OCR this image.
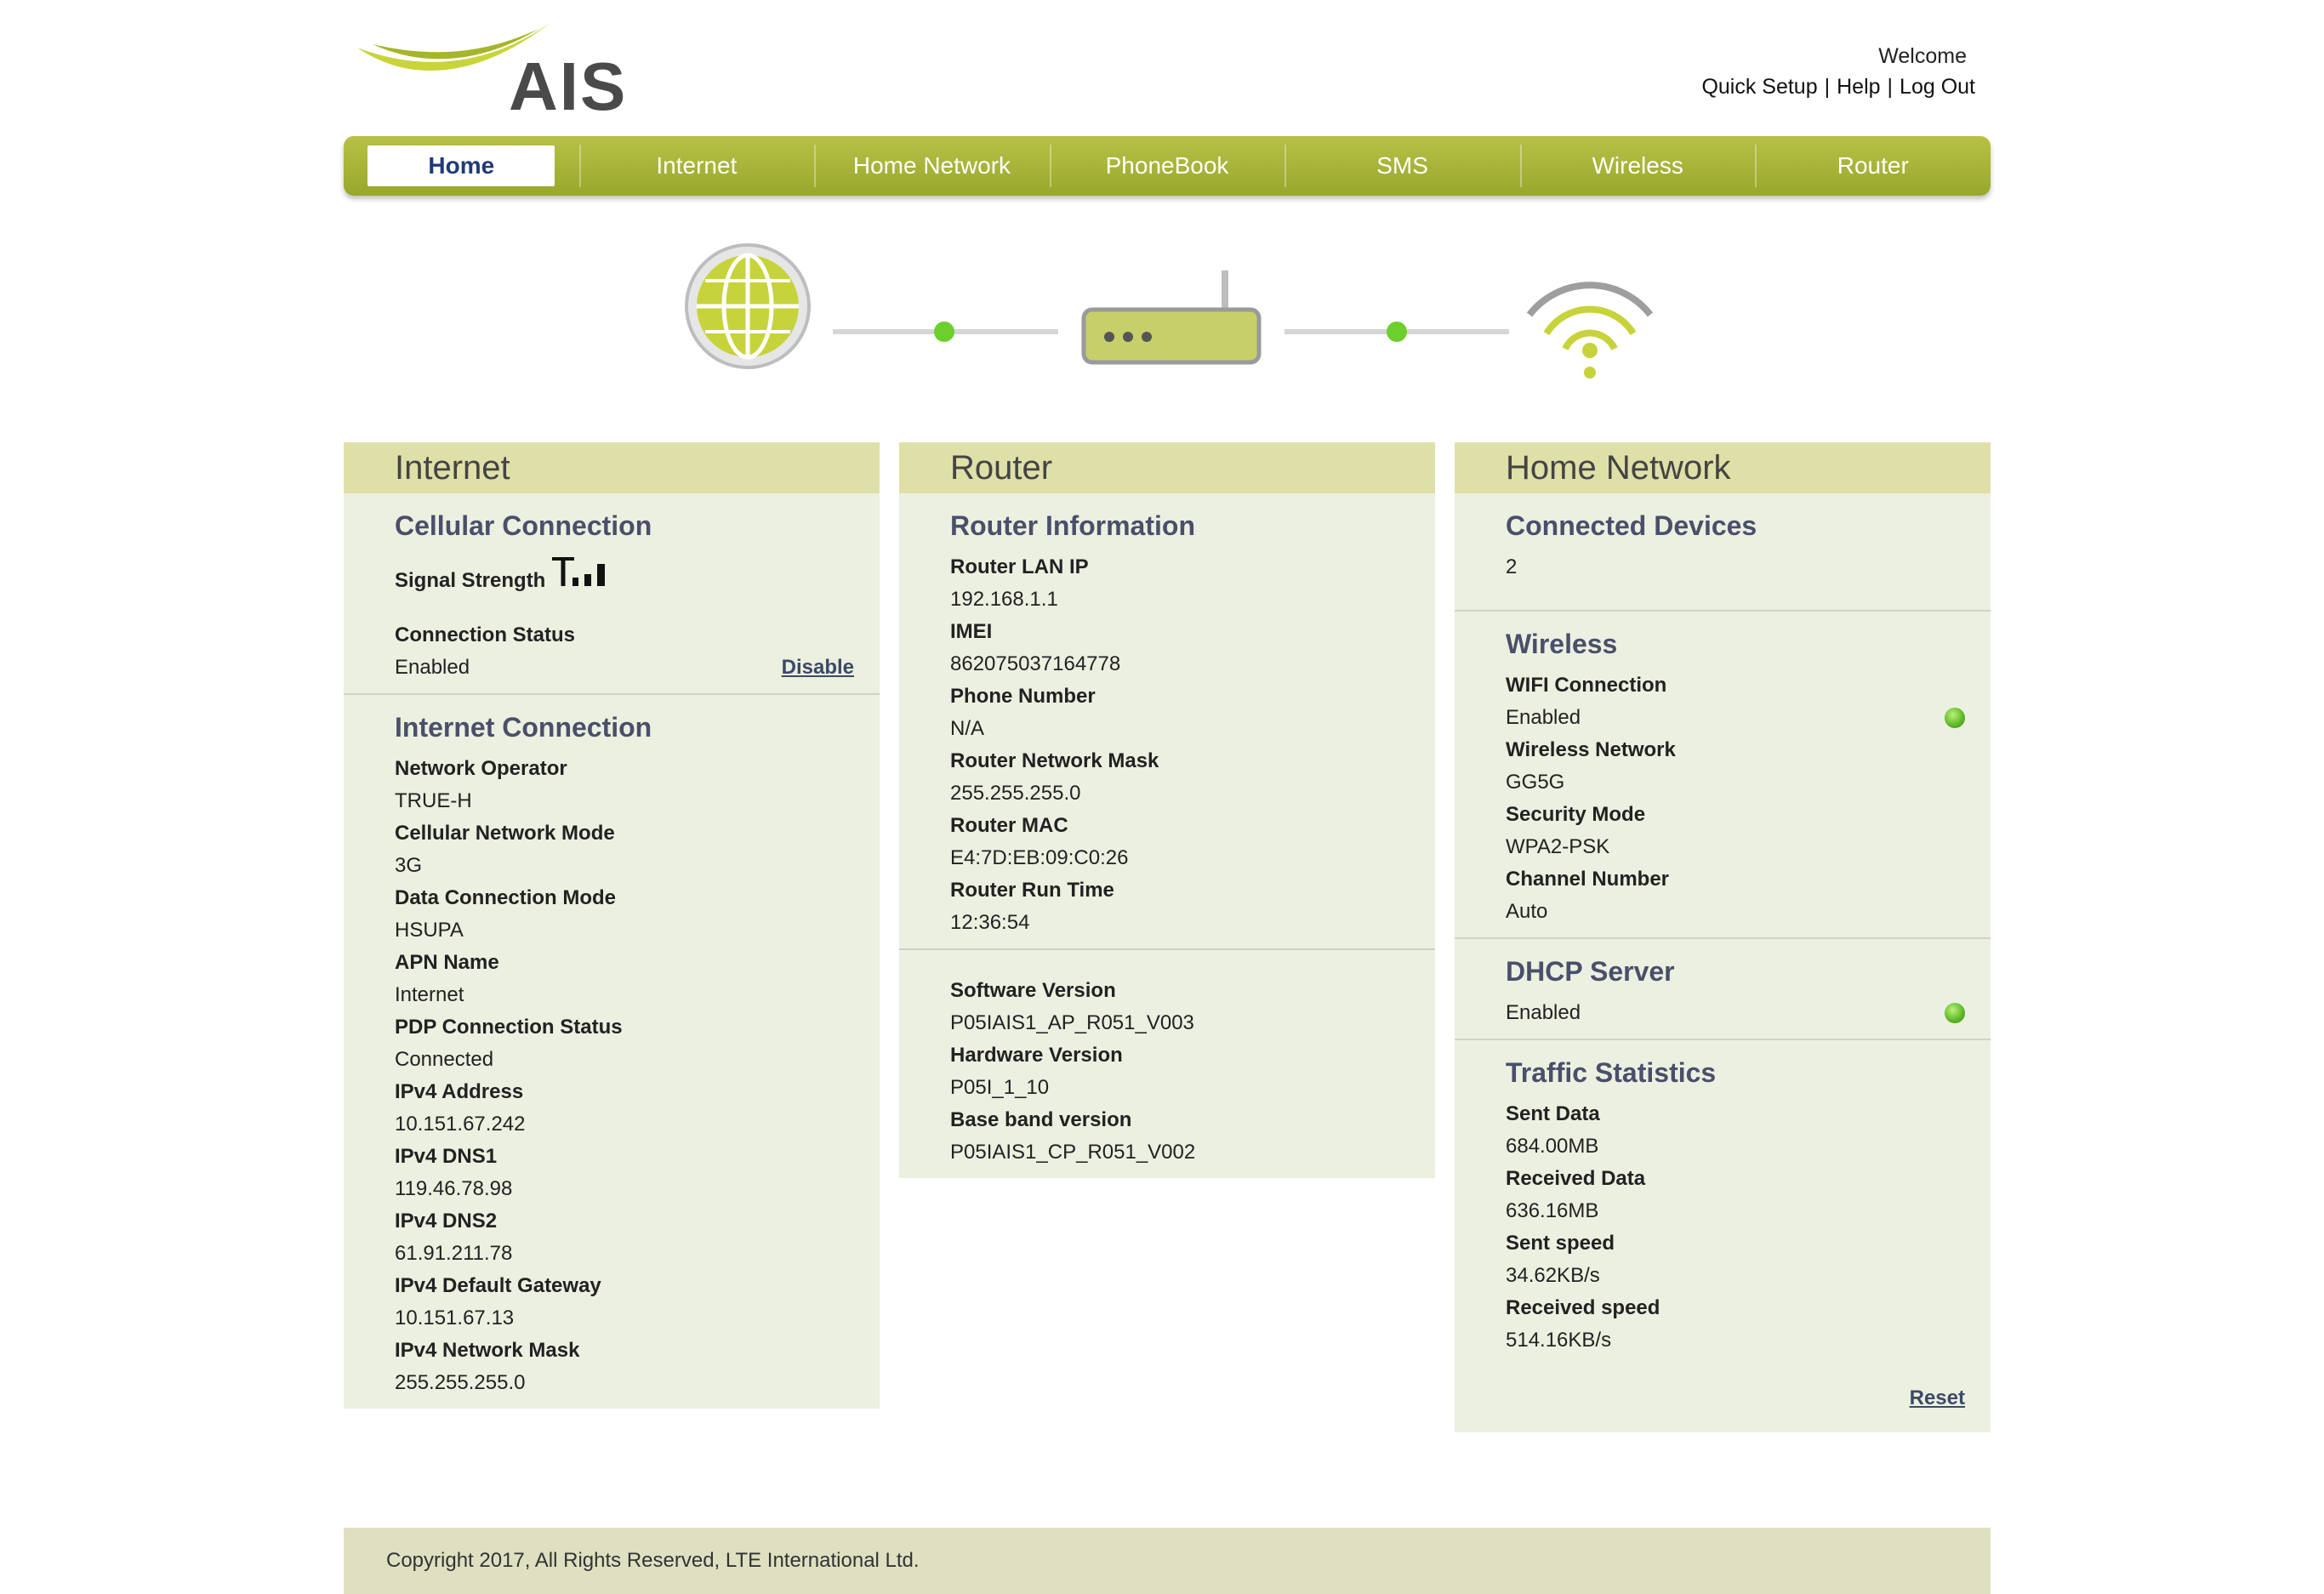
AIS	Welcome
Quick Setup | Help | Log Out
Home	Internet	Home Network	PhoneBook	SMS	Wireless	Router
Internet
Cellular Connection
Signal Strength
Connection Status
Enabled	Disable
Internet Connection
Network Operator
TRUE-H
Cellular Network Mode
3G
Data Connection Mode
HSUPA
APN Name
Internet
PDP Connection Status
Connected
IPv4 Address
10.151.67.242
IPv4 DNS1
119.46.78.98
IPv4 DNS2
61.91.211.78
IPv4 Default Gateway
10.151.67.13
IPv4 Network Mask
255.255.255.0
Router
Router Information
Router LAN IP
192.168.1.1
IMEI
862075037164778
Phone Number
N/A
Router Network Mask
255.255.255.0
Router MAC
E4:7D:EB:09:C0:26
Router Run Time
12:36:54
Software Version
P05IAIS1_AP_R051_V003
Hardware Version
P05I_1_10
Base band version
P05IAIS1_CP_R051_V002
Home Network
Connected Devices
2
Wireless
WIFI Connection
Enabled
Wireless Network
GG5G
Security Mode
WPA2-PSK
Channel Number
Auto
DHCP Server
Enabled
Traffic Statistics
Sent Data
684.00MB
Received Data
636.16MB
Sent speed
34.62KB/s
Received speed
514.16KB/s
Reset
Copyright 2017, All Rights Reserved, LTE International Ltd.
